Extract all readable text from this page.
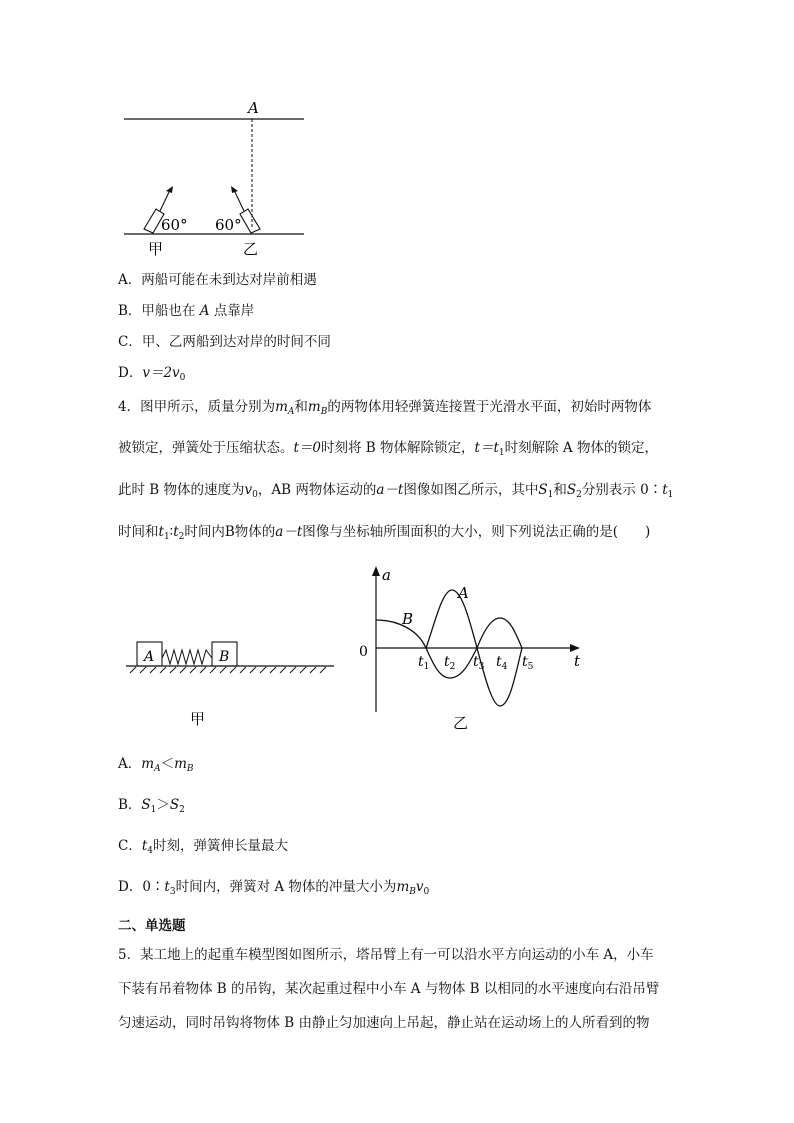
A
60° 60°
甲	乙
A．两船可能在未到达对岸前相遇
B．甲船也在 A 点靠岸
C．甲、乙两船到达对岸的时间不同
D．$v=2v_0$
4．图甲所示，质量分别为$m_A$和$m_B$的两物体用轻弹簧连接置于光滑水平面，初始时两物体
被锁定，弹簧处于压缩状态。t＝0时刻将 B 物体解除锁定，$t=t_1$时刻解除 A 物体的锁定，
此时 B 物体的速度为$v_0$，AB 两物体运动的a－t图像如图乙所示，其中$S_1$和$S_2$分别表示 $0∶t_1$
时间和$t_1∶t_2$时间内B物体的a－t图像与坐标轴所围面积的大小，则下列说法正确的是(　　)
A	B
甲
a
t
0
A
B
$t_1$ $t_2$ $t_3$ $t_4$ $t_5$
乙
A．$m_A<m_B$
B．$S_1>S_2$
C．$t_4$时刻，弹簧伸长量最大
D．$0∶t_3$时间内，弹簧对 A 物体的冲量大小为$m_Bv_0$
二、单选题
5．某工地上的起重车模型图如图所示，塔吊臂上有一可以沿水平方向运动的小车 A，小车
下装有吊着物体 B 的吊钩，某次起重过程中小车 A 与物体 B 以相同的水平速度向右沿吊臂
匀速运动，同时吊钩将物体 B 由静止匀加速向上吊起，静止站在运动场上的人所看到的物
